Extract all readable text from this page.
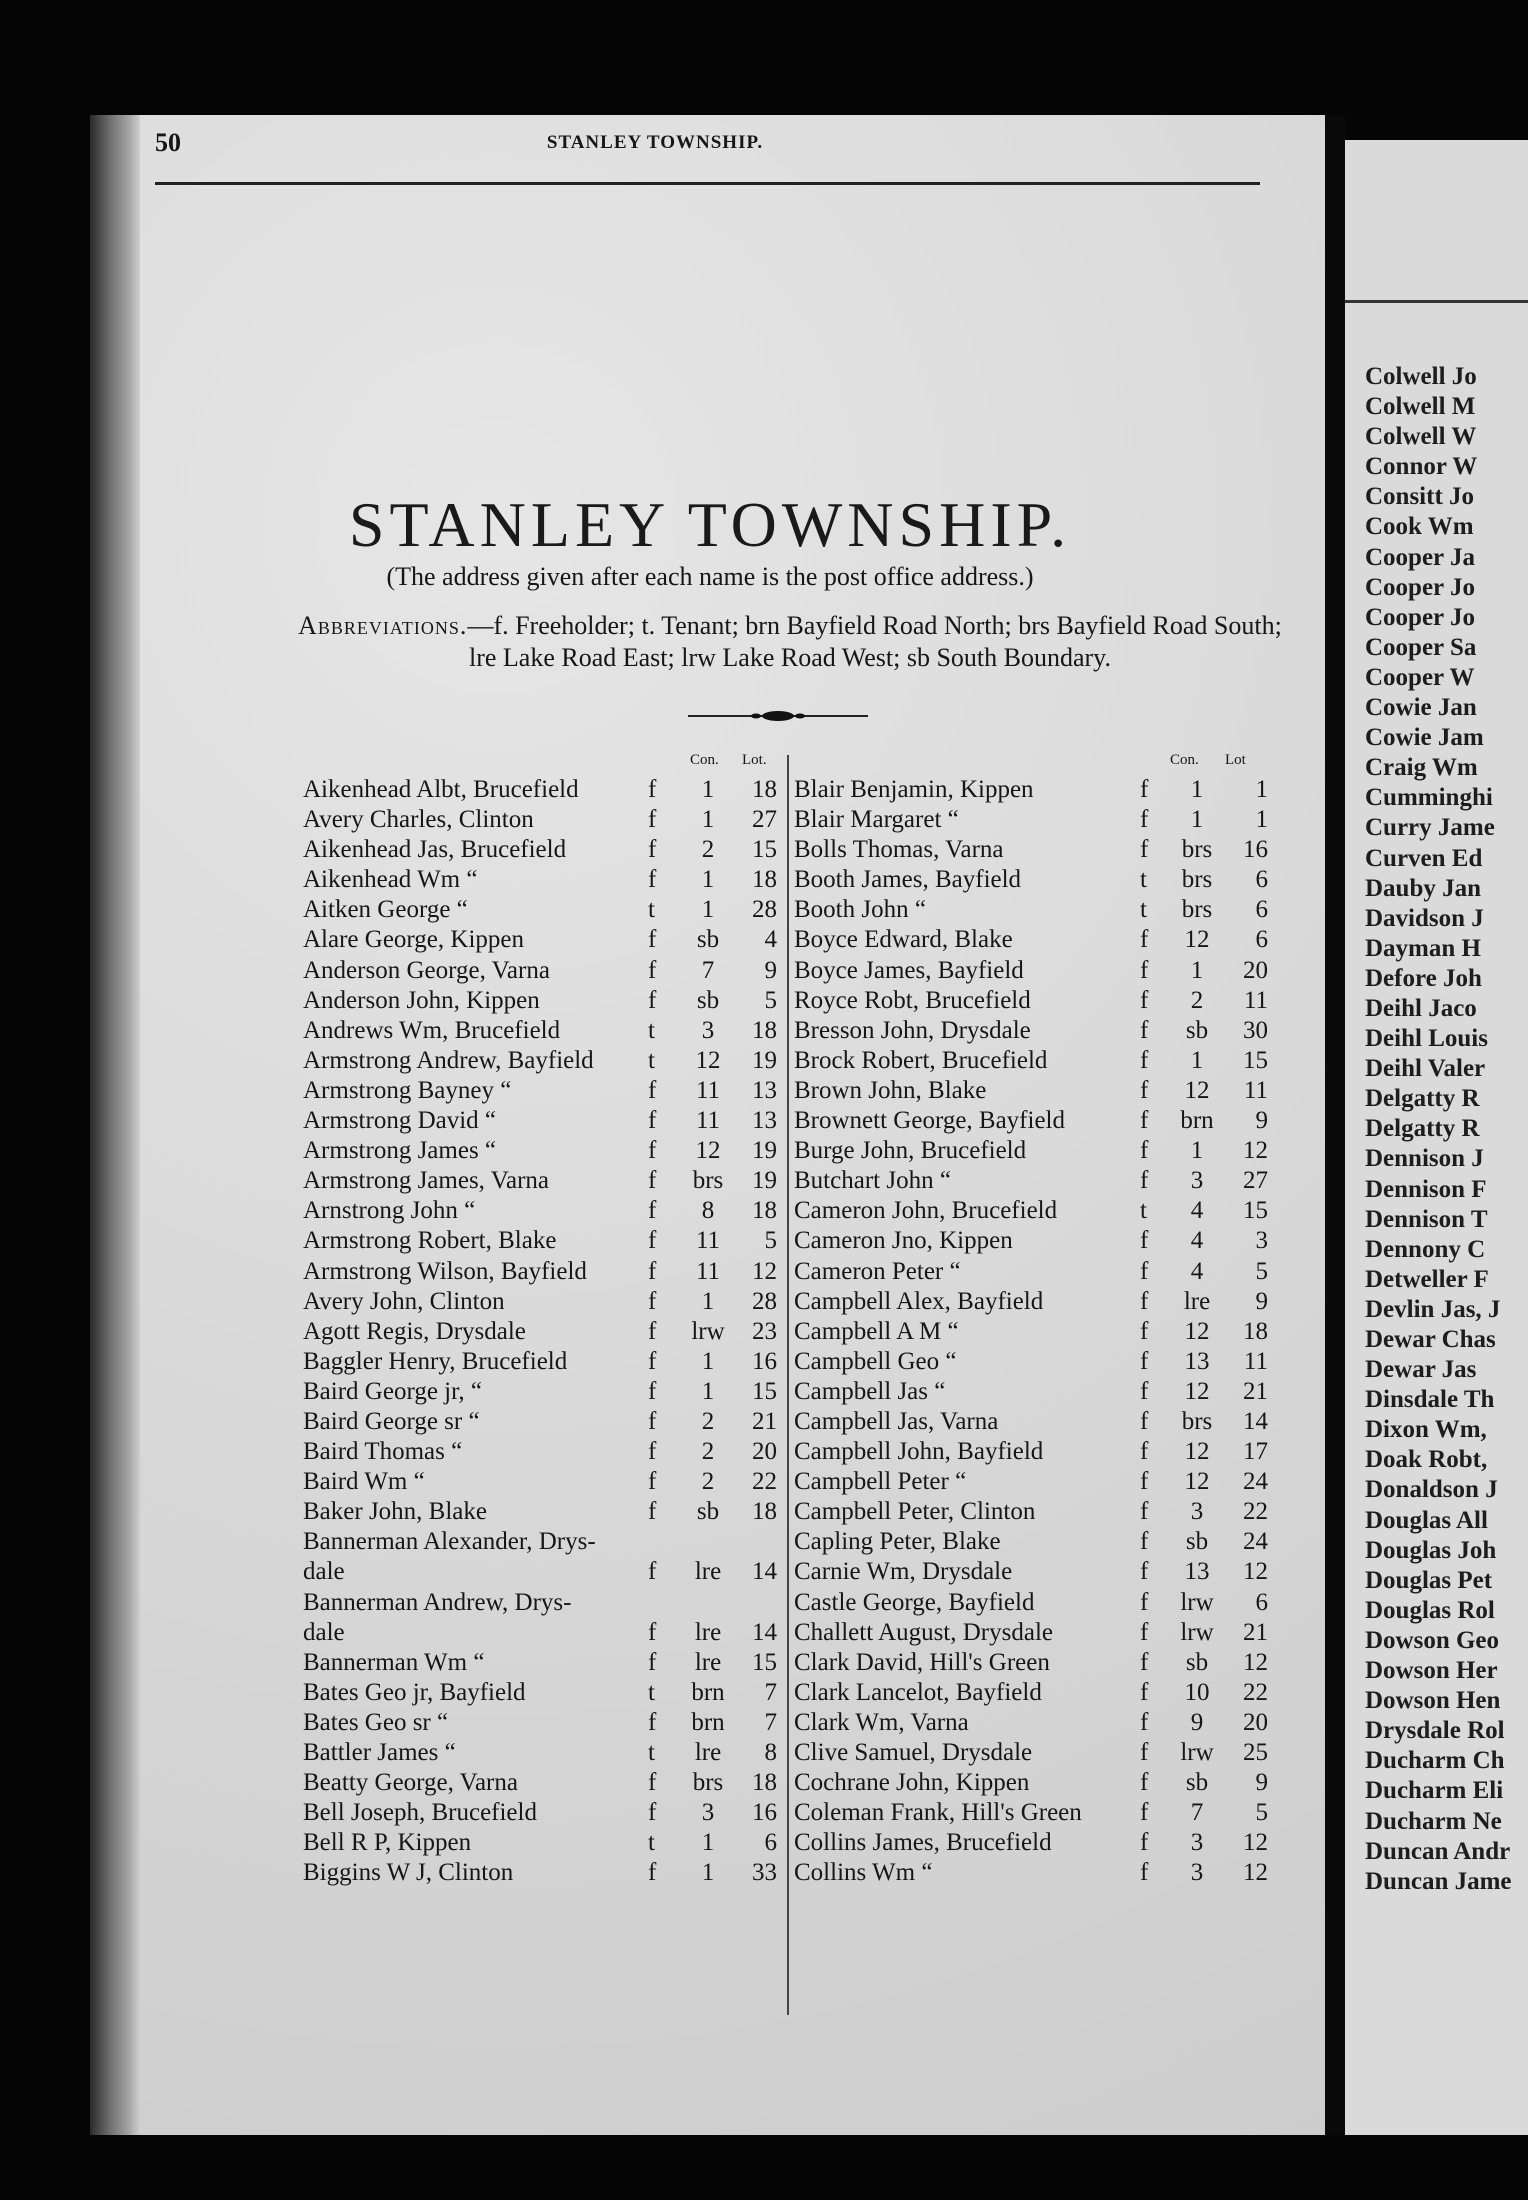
50	STANLEY TOWNSHIP.
STANLEY TOWNSHIP.
(The address given after each name is the post office address.)
Abbreviations.—f. Freeholder; t. Tenant; brn Bayfield Road North; brs Bayfield Road South; lre Lake Road East; lrw Lake Road West; sb South Boundary.
Con. Lot.	Con. Lot
Aikenhead Albt, Brucefield	f	1	18
Avery Charles, Clinton	f	1	27
Aikenhead Jas, Brucefield	f	2	15
Aikenhead Wm “	f	1	18
Aitken George “	t	1	28
Alare George, Kippen	f	sb	4
Anderson George, Varna	f	7	9
Anderson John, Kippen	f	sb	5
Andrews Wm, Brucefield	t	3	18
Armstrong Andrew, Bayfield t	12	19
Armstrong Bayney “	f	11	13
Armstrong David “	f	11	13
Armstrong James “	f	12	19
Armstrong James, Varna	f	brs	19
Arnstrong John “	f	8	18
Armstrong Robert, Blake	f	11	5
Armstrong Wilson, Bayfield f	11	12
Avery John, Clinton	f	1	28
Agott Regis, Drysdale	f	lrw	23
Baggler Henry, Brucefield	f	1	16
Baird George jr, “	f	1	15
Baird George sr “	f	2	21
Baird Thomas “	f	2	20
Baird Wm “	f	2	22
Baker John, Blake	f	sb	18
Bannerman Alexander, Drys-
dale	f	lre	14
Bannerman Andrew, Drys-
dale	f	lre	14
Bannerman Wm “	f	lre	15
Bates Geo jr, Bayfield	t	brn	7
Bates Geo sr “	f	brn	7
Battler James “	t	lre	8
Beatty George, Varna	f	brs	18
Bell Joseph, Brucefield	f	3	16
Bell R P, Kippen	t	1	6
Biggins W J, Clinton	f	1	33
Blair Benjamin, Kippen	f	1	1
Blair Margaret “	f	1	1
Bolls Thomas, Varna	f	brs	16
Booth James, Bayfield	t	brs	6
Booth John “	t	brs	6
Boyce Edward, Blake	f	12	6
Boyce James, Bayfield	f	1	20
Royce Robt, Brucefield	f	2	11
Bresson John, Drysdale	f	sb	30
Brock Robert, Brucefield	f	1	15
Brown John, Blake	f	12	11
Brownett George, Bayfield	f	brn	9
Burge John, Brucefield	f	1	12
Butchart John “	f	3	27
Cameron John, Brucefield	t	4	15
Cameron Jno, Kippen	f	4	3
Cameron Peter “	f	4	5
Campbell Alex, Bayfield	f	lre	9
Campbell A M “	f	12	18
Campbell Geo “	f	13	11
Campbell Jas “	f	12	21
Campbell Jas, Varna	f	brs	14
Campbell John, Bayfield	f	12	17
Campbell Peter “	f	12	24
Campbell Peter, Clinton	f	3	22
Capling Peter, Blake	f	sb	24
Carnie Wm, Drysdale	f	13	12
Castle George, Bayfield	f	lrw	6
Challett August, Drysdale	f	lrw	21
Clark David, Hill's Green	f	sb	12
Clark Lancelot, Bayfield	f	10	22
Clark Wm, Varna	f	9	20
Clive Samuel, Drysdale	f	lrw	25
Cochrane John, Kippen	f	sb	9
Coleman Frank, Hill's Green f	7	5
Collins James, Brucefield	f	3	12
Collins Wm “	f	3	12
Colwell Jo
Colwell M
Colwell W
Connor W
Consitt Jo
Cook Wm
Cooper Ja
Cooper Jo
Cooper Jo
Cooper Sa
Cooper W
Cowie Jan
Cowie Jam
Craig Wm
Cumminghi
Curry Jame
Curven Ed
Dauby Jan
Davidson J
Dayman H
Defore Joh
Deihl Jaco
Deihl Louis
Deihl Valer
Delgatty R
Delgatty R
Dennison J
Dennison F
Dennison T
Dennony C
Detweller F
Devlin Jas, J
Dewar Chas
Dewar Jas
Dinsdale Th
Dixon Wm,
Doak Robt,
Donaldson J
Douglas All
Douglas Joh
Douglas Pet
Douglas Rol
Dowson Geo
Dowson Her
Dowson Hen
Drysdale Rol
Ducharm Ch
Ducharm Eli
Ducharm Ne
Duncan Andr
Duncan Jame
